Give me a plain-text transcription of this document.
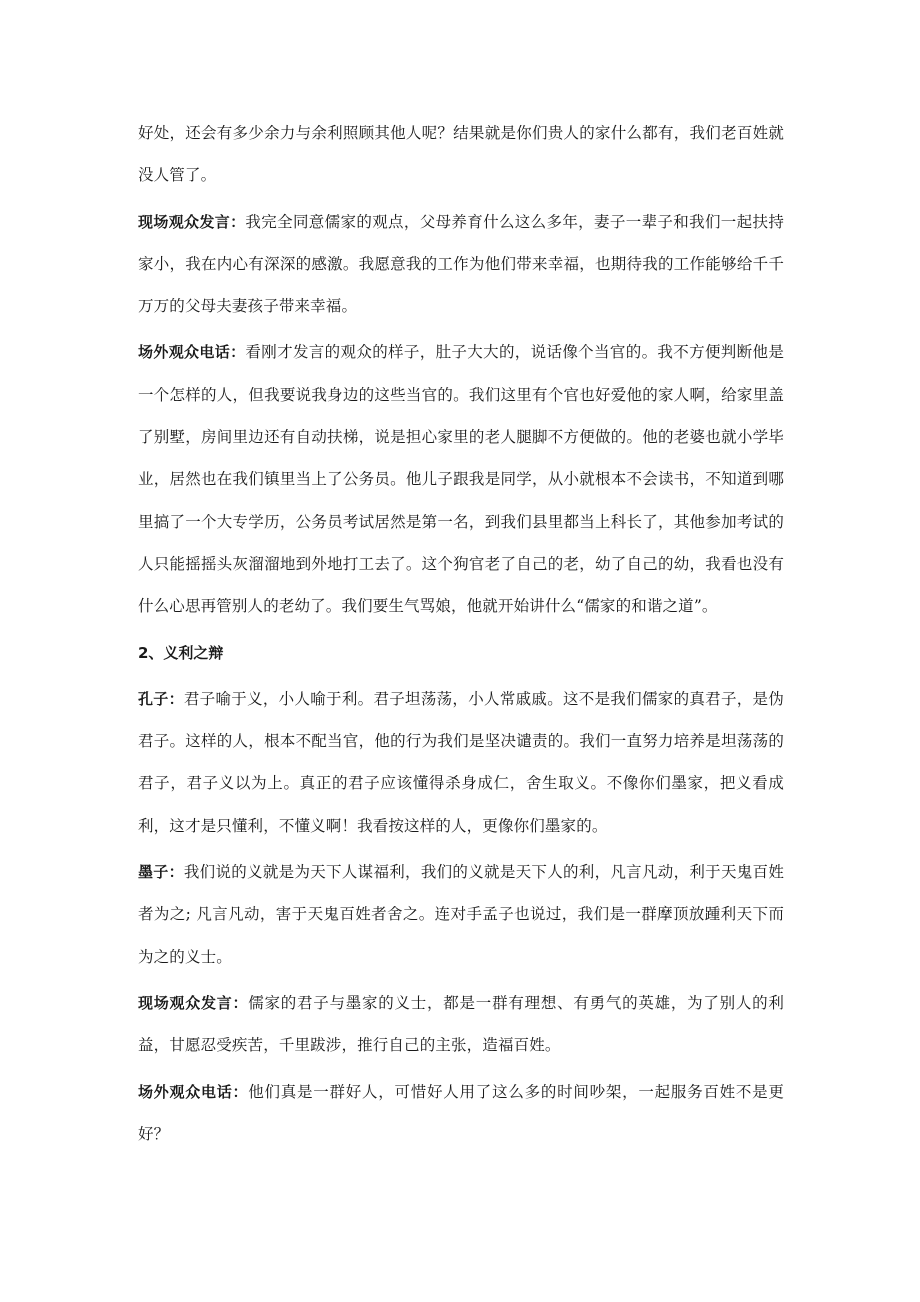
好处，还会有多少余力与余利照顾其他人呢？结果就是你们贵人的家什么都有，我们老百姓就没人管了。

现场观众发言：我完全同意儒家的观点，父母养育什么这么多年，妻子一辈子和我们一起扶持家小，我在内心有深深的感激。我愿意我的工作为他们带来幸福，也期待我的工作能够给千千万万的父母夫妻孩子带来幸福。

场外观众电话：看刚才发言的观众的样子，肚子大大的，说话像个当官的。我不方便判断他是一个怎样的人，但我要说我身边的这些当官的。我们这里有个官也好爱他的家人啊，给家里盖了别墅，房间里边还有自动扶梯，说是担心家里的老人腿脚不方便做的。他的老婆也就小学毕业，居然也在我们镇里当上了公务员。他儿子跟我是同学，从小就根本不会读书，不知道到哪里搞了一个大专学历，公务员考试居然是第一名，到我们县里都当上科长了，其他参加考试的人只能摇摇头灰溜溜地到外地打工去了。这个狗官老了自己的老，幼了自己的幼，我看也没有什么心思再管别人的老幼了。我们要生气骂娘，他就开始讲什么“儒家的和谐之道”。

2、义利之辩

孔子：君子喻于义，小人喻于利。君子坦荡荡，小人常戚戚。这不是我们儒家的真君子，是伪君子。这样的人，根本不配当官，他的行为我们是坚决谴责的。我们一直努力培养是坦荡荡的君子，君子义以为上。真正的君子应该懂得杀身成仁，舍生取义。不像你们墨家，把义看成利，这才是只懂利，不懂义啊！我看按这样的人，更像你们墨家的。

墨子：我们说的义就是为天下人谋福利，我们的义就是天下人的利，凡言凡动，利于天鬼百姓者为之; 凡言凡动，害于天鬼百姓者舍之。连对手孟子也说过，我们是一群摩顶放踵利天下而为之的义士。

现场观众发言：儒家的君子与墨家的义士，都是一群有理想、有勇气的英雄，为了别人的利益，甘愿忍受疾苦，千里跋涉，推行自己的主张，造福百姓。

场外观众电话：他们真是一群好人，可惜好人用了这么多的时间吵架，一起服务百姓不是更好？
